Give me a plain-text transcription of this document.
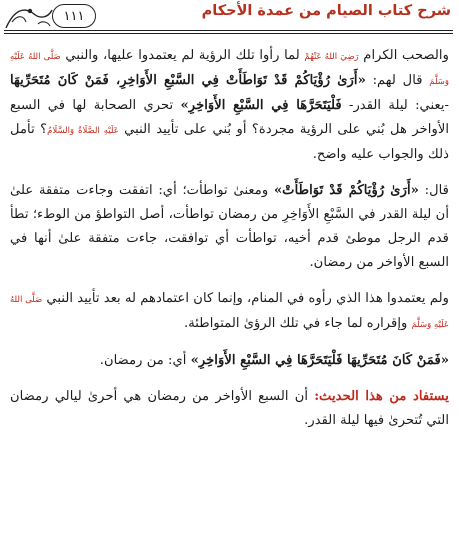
١١١	شرح كتاب الصيام من عمدة الأحكام

والصحب الكرام رَضِيَ اللهُ عَنْهُمْ لما رأوا تلك الرؤية لم يعتمدوا عليها، والنبي صَلَّى اللهُ عَلَيْهِ وَسَلَّمَ قال لهم: «أَرَىٰ رُؤْيَاكُمْ قَدْ تَوَاطَأَتْ فِي السَّبْعِ الأَوَاخِرِ، فَمَنْ كَانَ مُتَحَرِّيهَا -يعني: ليلة القدر- فَلْيَتَحَرَّهَا فِي السَّبْعِ الأَوَاخِرِ» تحري الصحابة لها في السبع الأواخر هل بُني على الرؤية مجردة؟ أو بُني على تأييد النبي عَلَيْهِ الصَّلَاةُ وَالسَّلَامُ؟ تأمل ذلك والجواب عليه واضح.

قال: «أَرَىٰ رُؤْيَاكُمْ قَدْ تَوَاطَأَتْ» ومعنىٰ تواطأت؛ أي: اتفقت وجاءت متفقة علىٰ أن ليلة القدر في السَّبْعِ الأَوَاخِرِ من رمضان تواطأت، أصل التواطؤ من الوطء؛ تطأ قدم الرجل موطئ قدم أخيه، تواطأت أي توافقت، جاءت متفقة علىٰ أنها في السبع الأواخر من رمضان.

ولم يعتمدوا هذا الذي رأوه في المنام، وإنما كان اعتمادهم له بعد تأييد النبي صَلَّى اللهُ عَلَيْهِ وَسَلَّمَ وإقراره لما جاء في تلك الرؤىٰ المتواطئة.

«فَمَنْ كَانَ مُتَحَرِّيهَا فَلْيَتَحَرَّهَا فِي السَّبْعِ الأَوَاخِرِ» أي: من رمضان.

يستفاد من هذا الحديث: أن السبع الأواخر من رمضان هي أحرىٰ ليالي رمضان التي تُتحرىٰ فيها ليلة القدر.
